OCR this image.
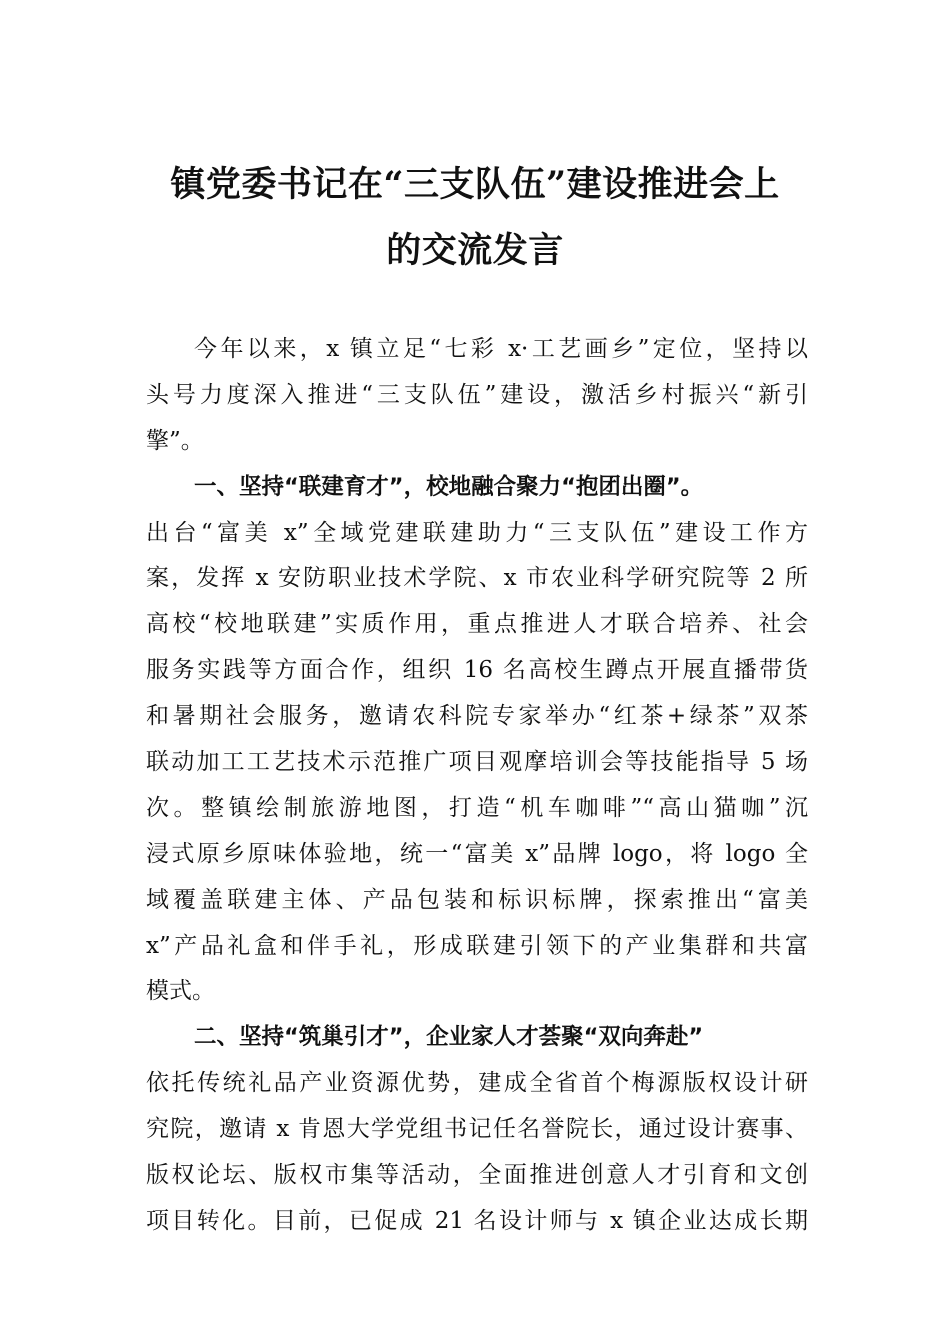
镇党委书记在“三支队伍”建设推进会上
的交流发言
今年以来，x 镇立足“七彩 x·工艺画乡”定位，坚持以
头号力度深入推进“三支队伍”建设，激活乡村振兴“新引
擎”。
一、坚持“联建育才”，校地融合聚力“抱团出圈”。
出台“富美 x”全域党建联建助力“三支队伍”建设工作方
案，发挥 x 安防职业技术学院、x 市农业科学研究院等 2 所
高校“校地联建”实质作用，重点推进人才联合培养、社会
服务实践等方面合作，组织 16 名高校生蹲点开展直播带货
和暑期社会服务，邀请农科院专家举办“红茶+绿茶”双茶
联动加工工艺技术示范推广项目观摩培训会等技能指导 5 场
次。整镇绘制旅游地图，打造“机车咖啡”“高山猫咖”沉
浸式原乡原味体验地，统一“富美 x”品牌 logo，将 logo 全
域覆盖联建主体、产品包装和标识标牌，探索推出“富美
x”产品礼盒和伴手礼，形成联建引领下的产业集群和共富
模式。
二、坚持“筑巢引才”，企业家人才荟聚“双向奔赴”
依托传统礼品产业资源优势，建成全省首个梅源版权设计研
究院，邀请 x 肯恩大学党组书记任名誉院长，通过设计赛事、
版权论坛、版权市集等活动，全面推进创意人才引育和文创
项目转化。目前，已促成 21 名设计师与 x 镇企业达成长期
